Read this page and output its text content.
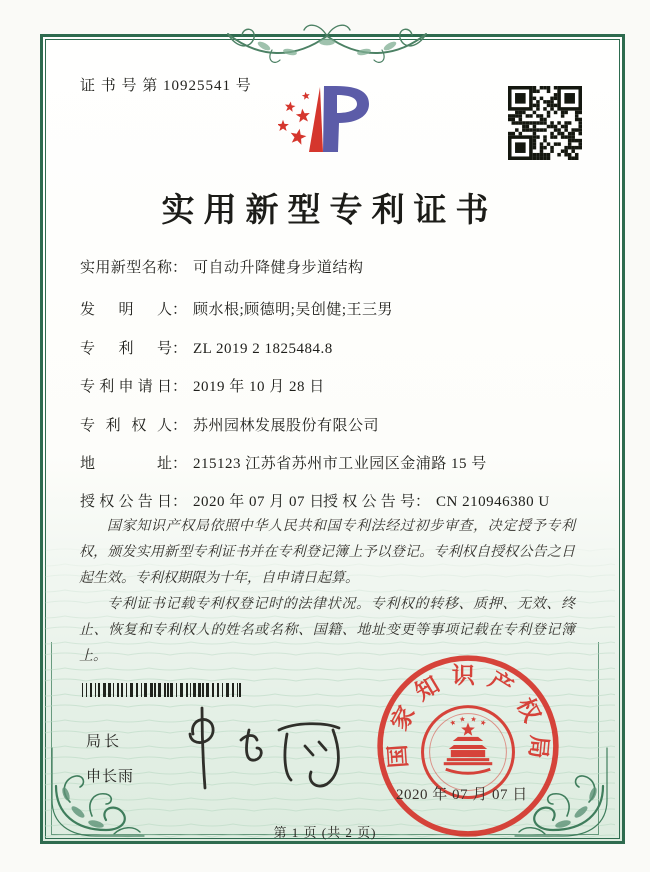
证 书 号 第 10925541 号
实用新型专利证书
实用新型名称： 可自动升降健身步道结构
发明人： 顾水根;顾德明;吴创健;王三男
专利号： ZL 2019 2 1825484.8
专利申请日： 2019 年 10 月 28 日
专利权人： 苏州园林发展股份有限公司
地址： 215123 江苏省苏州市工业园区金浦路 15 号
授权公告日： 2020 年 07 月 07 日
授权公告号： CN 210946380 U

国家知识产权局依照中华人民共和国专利法经过初步审查，决定授予专利权，颁发实用新型专利证书并在专利登记簿上予以登记。专利权自授权公告之日起生效。专利权期限为十年，自申请日起算。

专利证书记载专利权登记时的法律状况。专利权的转移、质押、无效、终止、恢复和专利权人的姓名或名称、国籍、地址变更等事项记载在专利登记簿上。

局长
申长雨
国家知识产权局
2020 年 07 月 07 日
第 1 页 (共 2 页)
